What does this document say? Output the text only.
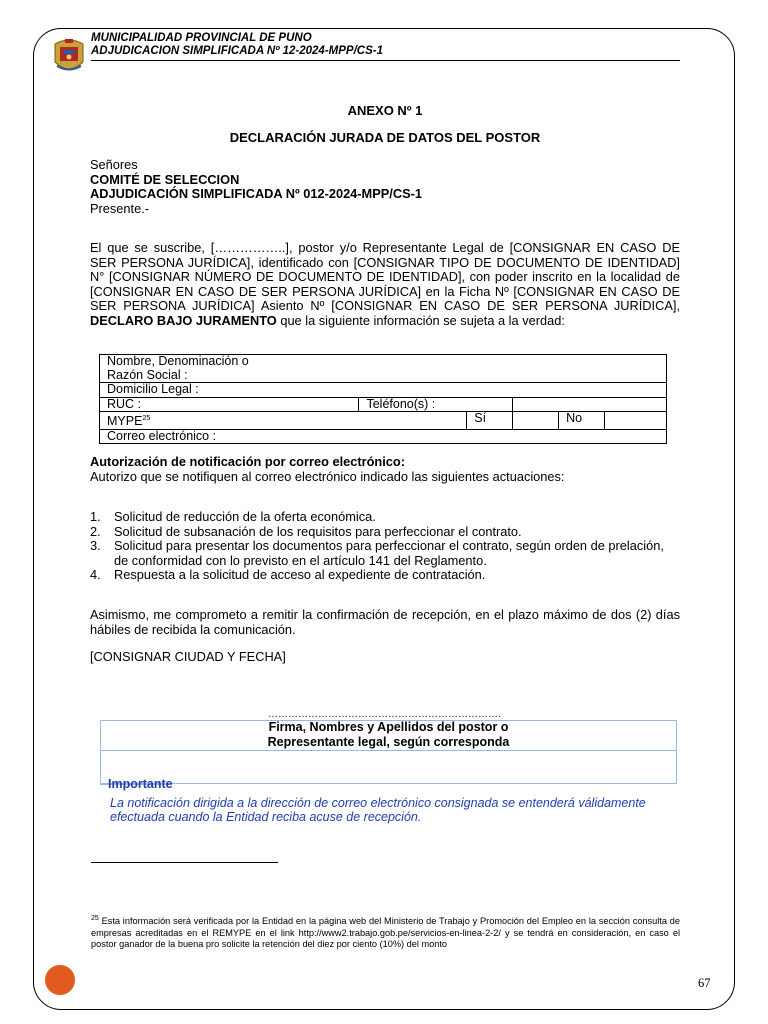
MUNICIPALIDAD PROVINCIAL DE PUNO
ADJUDICACION SIMPLIFICADA Nº 12-2024-MPP/CS-1
ANEXO Nº 1
DECLARACIÓN JURADA DE DATOS DEL POSTOR
Señores
COMITÉ DE SELECCION
ADJUDICACIÓN SIMPLIFICADA Nº 012-2024-MPP/CS-1
Presente.-
El que se suscribe, [……………..], postor y/o Representante Legal de [CONSIGNAR EN CASO DE SER PERSONA JURÍDICA], identificado con [CONSIGNAR TIPO DE DOCUMENTO DE IDENTIDAD] N° [CONSIGNAR NÚMERO DE DOCUMENTO DE IDENTIDAD], con poder inscrito en la localidad de [CONSIGNAR EN CASO DE SER PERSONA JURÍDICA] en la Ficha Nº [CONSIGNAR EN CASO DE SER PERSONA JURÍDICA] Asiento Nº [CONSIGNAR EN CASO DE SER PERSONA JURÍDICA], DECLARO BAJO JURAMENTO que la siguiente información se sujeta a la verdad:
Nombre, Denominación o
Razón Social :					

Domicilio Legal :					
RUC :	Teléfono(s) :				
MYPE$^{25}$		Sí		No	
Correo electrónico :					
Autorización de notificación por correo electrónico:
Autorizo que se notifiquen al correo electrónico indicado las siguientes actuaciones:
1. Solicitud de reducción de la oferta económica.
2. Solicitud de subsanación de los requisitos para perfeccionar el contrato.
3. Solicitud para presentar los documentos para perfeccionar el contrato, según orden de prelación, de conformidad con lo previsto en el artículo 141 del Reglamento.
4. Respuesta a la solicitud de acceso al expediente de contratación.
Asimismo, me comprometo a remitir la confirmación de recepción, en el plazo máximo de dos (2) días hábiles de recibida la comunicación.
[CONSIGNAR CIUDAD Y FECHA]
…………………………………………………………….
Firma, Nombres y Apellidos del postor o
Representante legal, según corresponda
Importante
La notificación dirigida a la dirección de correo electrónico consignada se entenderá válidamente efectuada cuando la Entidad reciba acuse de recepción.
$^{25}$ Esta información será verificada por la Entidad en la página web del Ministerio de Trabajo y Promoción del Empleo en la sección consulta de empresas acreditadas en el REMYPE en el link http://www2.trabajo.gob.pe/servicios-en-linea-2-2/ y se tendrá en consideración, en caso el postor ganador de la buena pro solicite la retención del diez por ciento (10%) del monto
67
